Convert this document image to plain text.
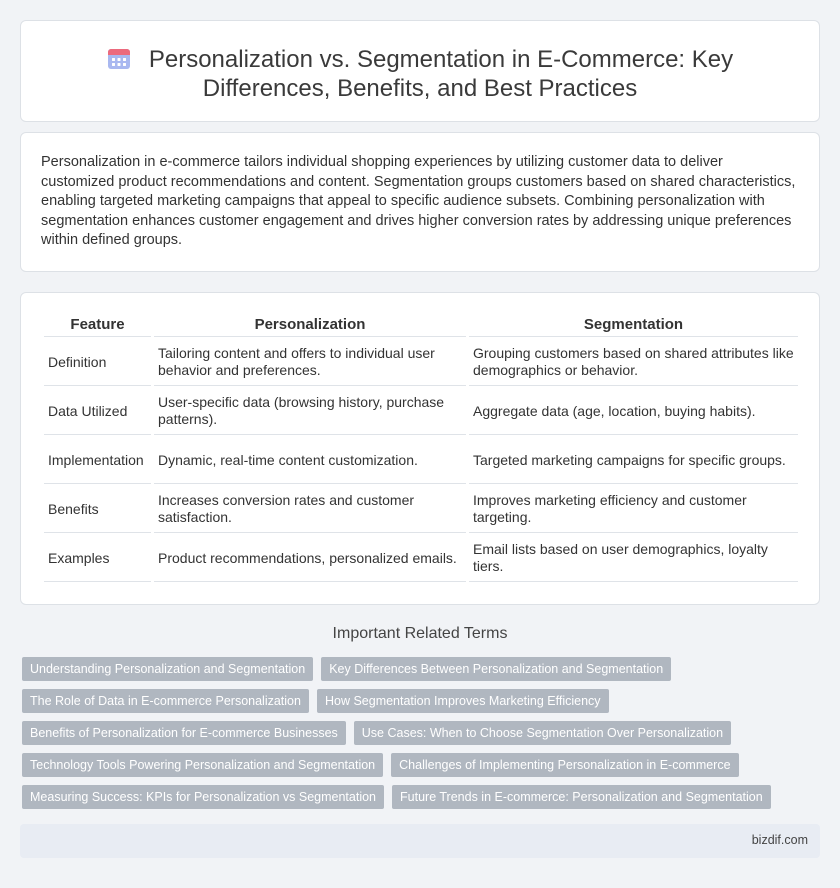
Personalization vs. Segmentation in E-Commerce: Key
Differences, Benefits, and Best Practices

Personalization in e-commerce tailors individual shopping experiences by utilizing customer data to deliver customized product recommendations and content. Segmentation groups customers based on shared characteristics, enabling targeted marketing campaigns that appeal to specific audience subsets. Combining personalization with segmentation enhances customer engagement and drives higher conversion rates by addressing unique preferences within defined groups.

Feature	Personalization	Segmentation
Definition	Tailoring content and offers to individual user behavior and preferences.	Grouping customers based on shared attributes like demographics or behavior.
Data Utilized	User-specific data (browsing history, purchase patterns).	Aggregate data (age, location, buying habits).
Implementation	Dynamic, real-time content customization.	Targeted marketing campaigns for specific groups.
Benefits	Increases conversion rates and customer satisfaction.	Improves marketing efficiency and customer targeting.
Examples	Product recommendations, personalized emails.	Email lists based on user demographics, loyalty tiers.
Important Related Terms
Understanding Personalization and Segmentation	Key Differences Between Personalization and Segmentation
The Role of Data in E-commerce Personalization	How Segmentation Improves Marketing Efficiency
Benefits of Personalization for E-commerce Businesses	Use Cases: When to Choose Segmentation Over Personalization
Technology Tools Powering Personalization and Segmentation	Challenges of Implementing Personalization in E-commerce
Measuring Success: KPIs for Personalization vs Segmentation	Future Trends in E-commerce: Personalization and Segmentation
bizdif.com
